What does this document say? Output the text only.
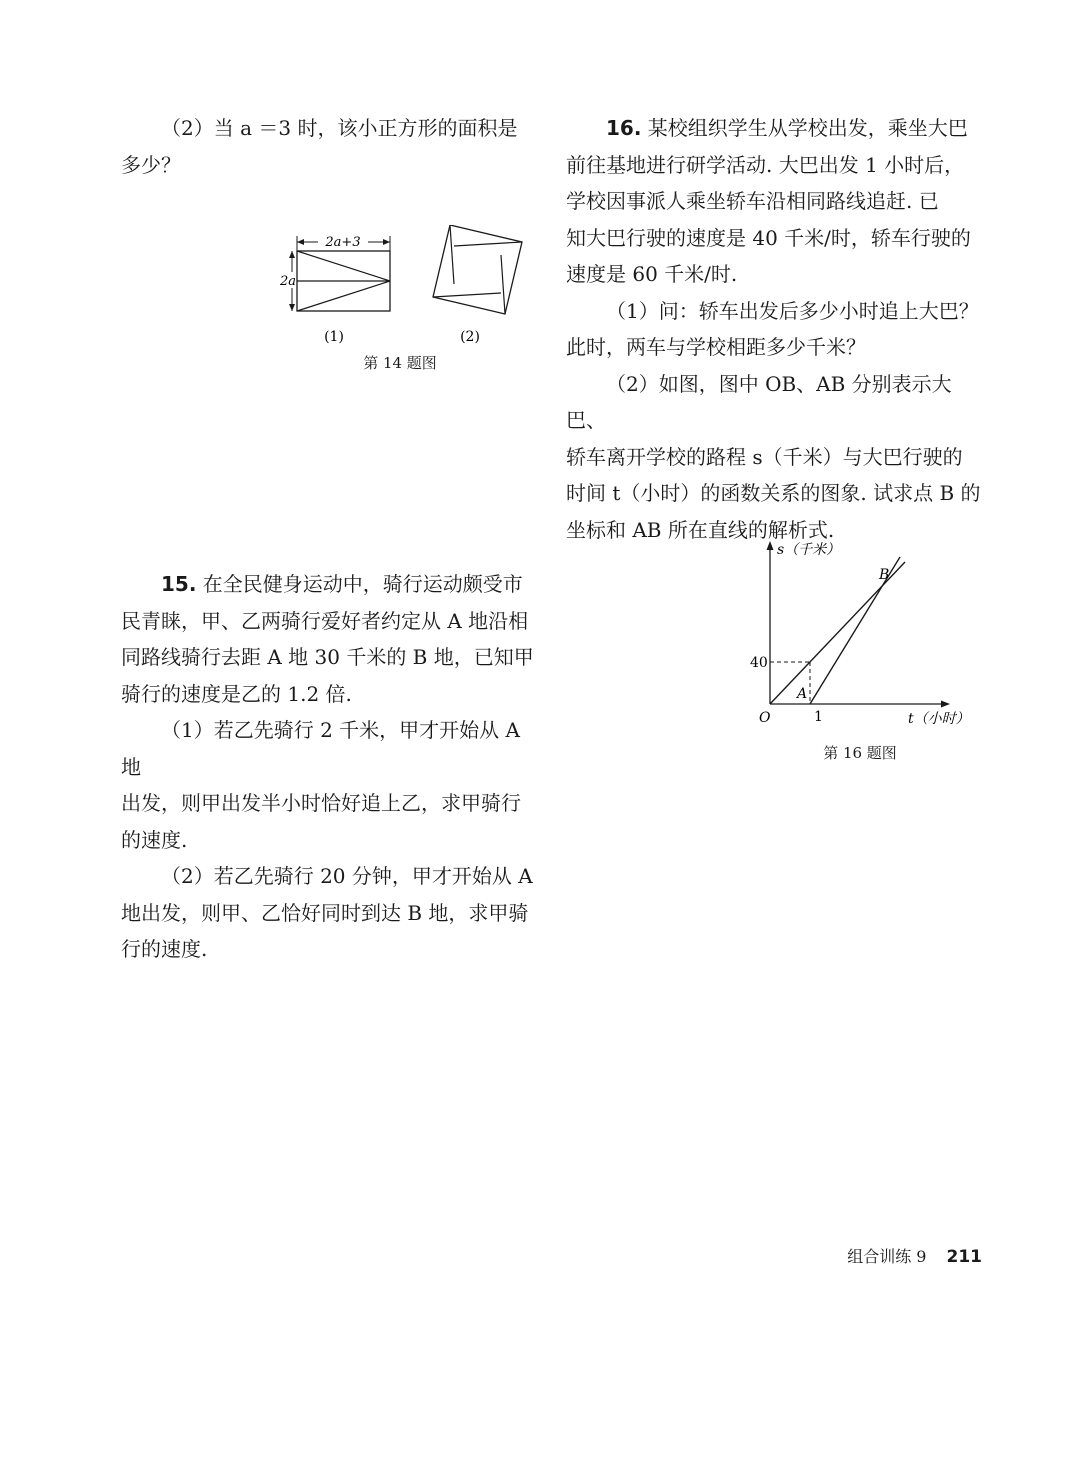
（2）当 a ＝3 时，该小正方形的面积是

多少？

2a+3
2a
(1)	(2)
第 14 题图

15. 在全民健身运动中，骑行运动颇受市

民青睐，甲、乙两骑行爱好者约定从 A 地沿相

同路线骑行去距 A 地 30 千米的 B 地，已知甲

骑行的速度是乙的 1.2 倍.

（1）若乙先骑行 2 千米，甲才开始从 A 地

出发，则甲出发半小时恰好追上乙，求甲骑行

的速度.

（2）若乙先骑行 20 分钟，甲才开始从 A

地出发，则甲、乙恰好同时到达 B 地，求甲骑

行的速度.

16. 某校组织学生从学校出发，乘坐大巴

前往基地进行研学活动. 大巴出发 1 小时后，

学校因事派人乘坐轿车沿相同路线追赶. 已

知大巴行驶的速度是 40 千米/时，轿车行驶的

速度是 60 千米/时.

（1）问：轿车出发后多少小时追上大巴？

此时，两车与学校相距多少千米？

（2）如图，图中 OB、AB 分别表示大巴、

轿车离开学校的路程 s（千米）与大巴行驶的

时间 t（小时）的函数关系的图象. 试求点 B 的

坐标和 AB 所在直线的解析式.

s（千米）
t（小时）
B
A
O
40
1
第 16 题图
组合训练 9 211
